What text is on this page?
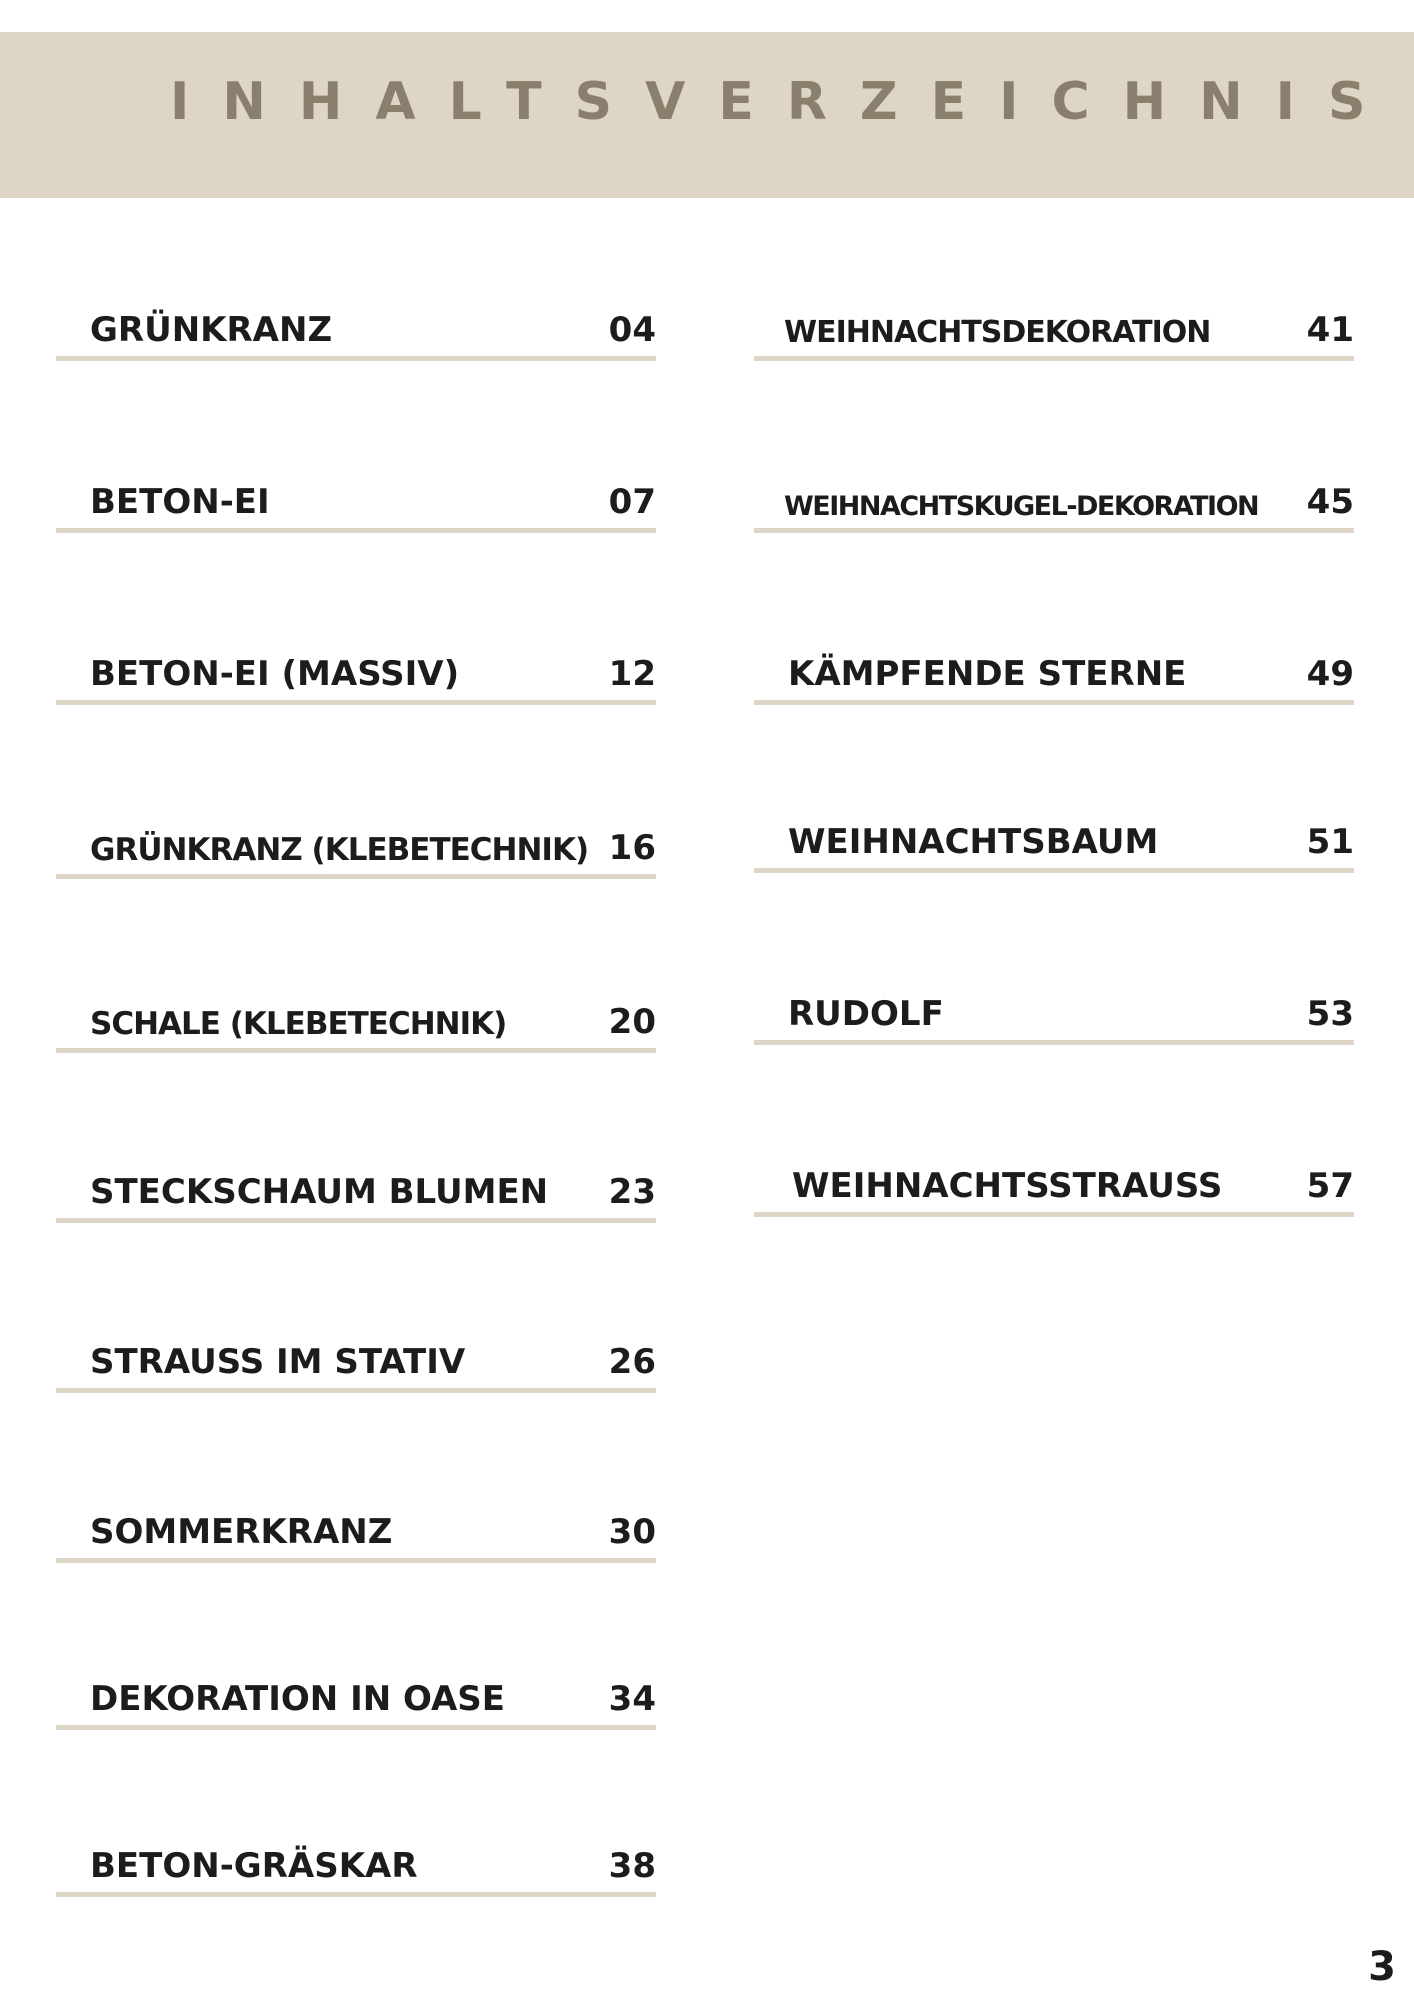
INHALTSVERZEICHNIS
GRÜNKRANZ	04
BETON-EI	07
BETON-EI (MASSIV)	12
GRÜNKRANZ (KLEBETECHNIK) 16
SCHALE (KLEBETECHNIK)	20
STECKSCHAUM BLUMEN 23
STRAUSS IM STATIV	26
SOMMERKRANZ	30
DEKORATION IN OASE	34
BETON-GRÄSKAR	38
WEIHNACHTSDEKORATION	41
WEIHNACHTSKUGEL-DEKORATION 45
KÄMPFENDE STERNE	49
WEIHNACHTSBAUM	51
RUDOLF	53
WEIHNACHTSSTRAUSS 57
3
